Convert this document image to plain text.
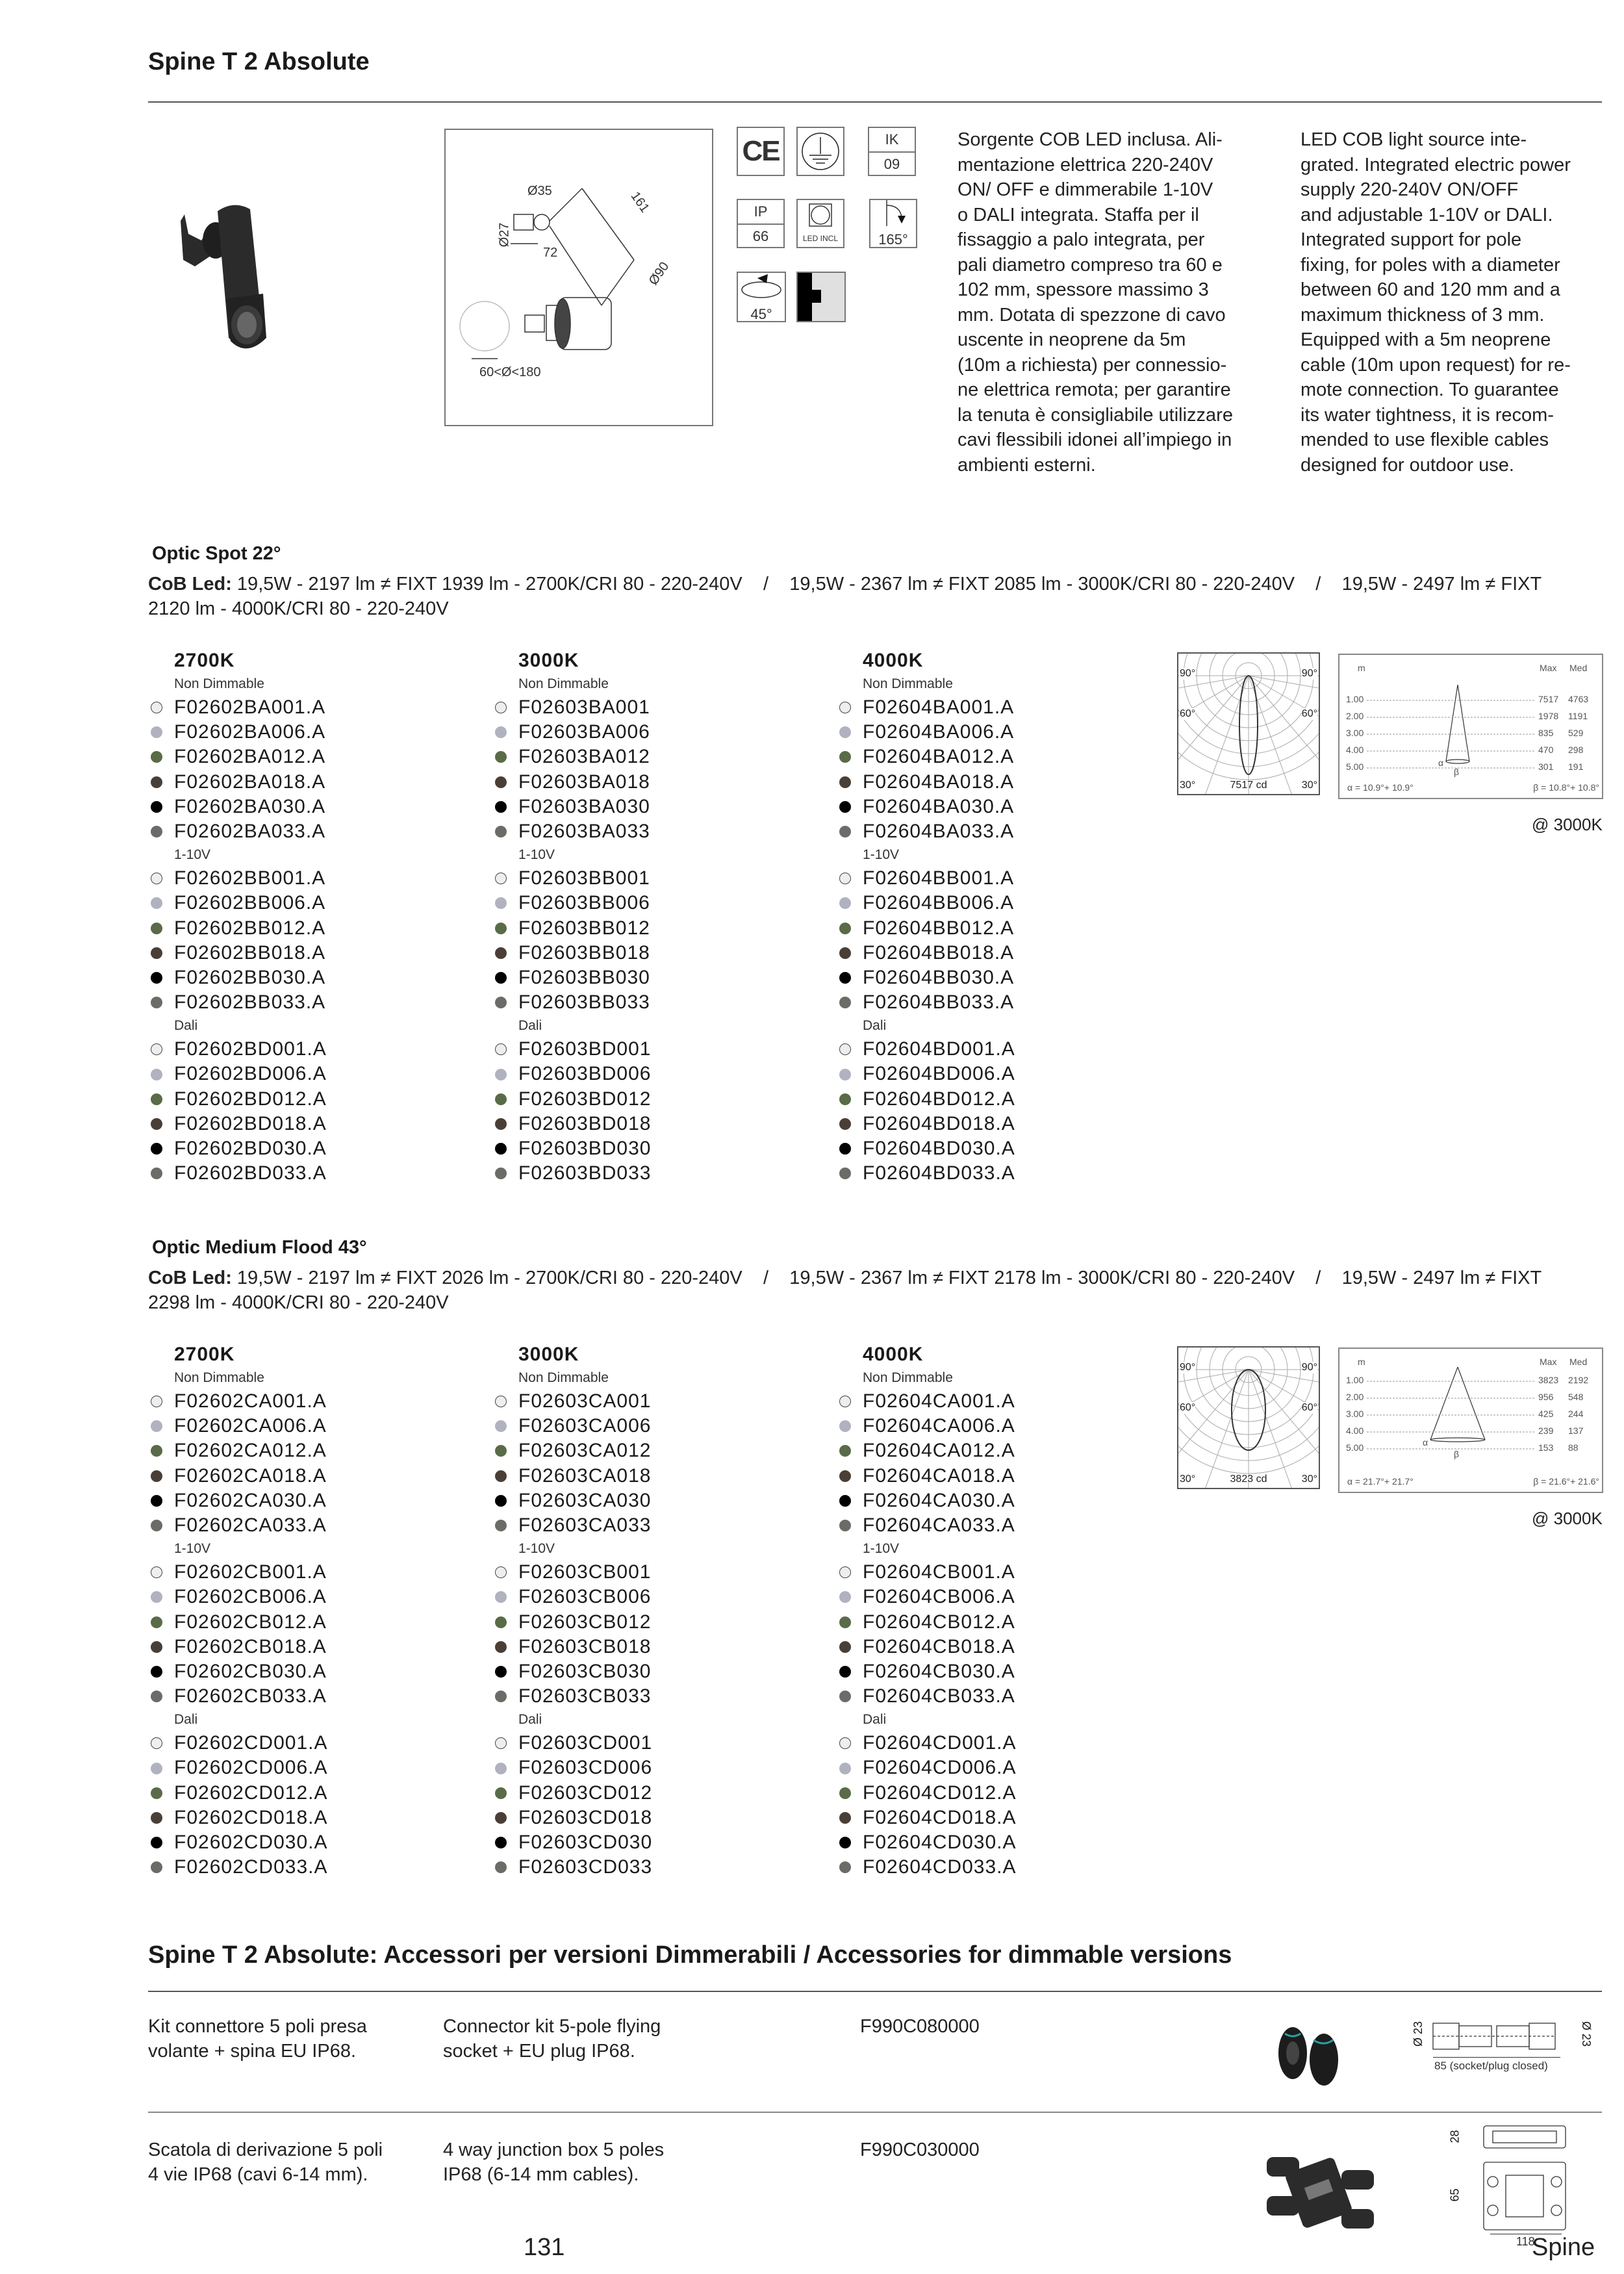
Spine T 2 Absolute
Ø35
Ø27
72
161
Ø90
60<Ø<180
CE	IK
09
IP
66	LED INCL	165°
45°
Sorgente COB LED inclusa. Ali-
mentazione elettrica 220-240V
ON/ OFF e dimmerabile 1-10V
o DALI integrata. Staffa per il
fissaggio a palo integrata, per
pali diametro compreso tra 60 e
102 mm, spessore massimo 3
mm. Dotata di spezzone di cavo
uscente in neoprene da 5m
(10m a richiesta) per connessio-
ne elettrica remota; per garantire
la tenuta è consigliabile utilizzare
cavi flessibili idonei all’impiego in
ambienti esterni.
LED COB light source inte-
grated. Integrated electric power
supply 220-240V ON/OFF
and adjustable 1-10V or DALI.
Integrated support for pole
fixing, for poles with a diameter
between 60 and 120 mm and a
maximum thickness of 3 mm.
Equipped with a 5m neoprene
cable (10m upon request) for re-
mote connection. To guarantee
its water tightness, it is recom-
mended to use flexible cables
designed for outdoor use.
Optic Spot 22°
CoB Led: 19,5W - 2197 lm ≠ FIXT 1939 lm - 2700K/CRI 80 - 220-240V    /    19,5W - 2367 lm ≠ FIXT 2085 lm - 3000K/CRI 80 - 220-240V    /    19,5W - 2497 lm ≠ FIXT
2120 lm - 4000K/CRI 80 - 220-240V
2700K
Non Dimmable
F02602BA001.A
F02602BA006.A
F02602BA012.A
F02602BA018.A
F02602BA030.A
F02602BA033.A
1-10V
F02602BB001.A
F02602BB006.A
F02602BB012.A
F02602BB018.A
F02602BB030.A
F02602BB033.A
Dali
F02602BD001.A
F02602BD006.A
F02602BD012.A
F02602BD018.A
F02602BD030.A
F02602BD033.A
3000K
Non Dimmable
F02603BA001
F02603BA006
F02603BA012
F02603BA018
F02603BA030
F02603BA033
1-10V
F02603BB001
F02603BB006
F02603BB012
F02603BB018
F02603BB030
F02603BB033
Dali
F02603BD001
F02603BD006
F02603BD012
F02603BD018
F02603BD030
F02603BD033
4000K
Non Dimmable
F02604BA001.A
F02604BA006.A
F02604BA012.A
F02604BA018.A
F02604BA030.A
F02604BA033.A
1-10V
F02604BB001.A
F02604BB006.A
F02604BB012.A
F02604BB018.A
F02604BB030.A
F02604BB033.A
Dali
F02604BD001.A
F02604BD006.A
F02604BD012.A
F02604BD018.A
F02604BD030.A
F02604BD033.A
90°	90°
60°	60°
30°	30°
7517 cd
m	Max Med
1.00	7517 4763
2.00	1978 1191
3.00	835 529
4.00	470 298
5.00	301 191
α
β
α = 10.9°+ 10.9°	β = 10.8°+ 10.8°
@ 3000K
Optic Medium Flood 43°
CoB Led: 19,5W - 2197 lm ≠ FIXT 2026 lm - 2700K/CRI 80 - 220-240V    /    19,5W - 2367 lm ≠ FIXT 2178 lm - 3000K/CRI 80 - 220-240V    /    19,5W - 2497 lm ≠ FIXT
2298 lm - 4000K/CRI 80 - 220-240V
2700K
Non Dimmable
F02602CA001.A
F02602CA006.A
F02602CA012.A
F02602CA018.A
F02602CA030.A
F02602CA033.A
1-10V
F02602CB001.A
F02602CB006.A
F02602CB012.A
F02602CB018.A
F02602CB030.A
F02602CB033.A
Dali
F02602CD001.A
F02602CD006.A
F02602CD012.A
F02602CD018.A
F02602CD030.A
F02602CD033.A
3000K
Non Dimmable
F02603CA001
F02603CA006
F02603CA012
F02603CA018
F02603CA030
F02603CA033
1-10V
F02603CB001
F02603CB006
F02603CB012
F02603CB018
F02603CB030
F02603CB033
Dali
F02603CD001
F02603CD006
F02603CD012
F02603CD018
F02603CD030
F02603CD033
4000K
Non Dimmable
F02604CA001.A
F02604CA006.A
F02604CA012.A
F02604CA018.A
F02604CA030.A
F02604CA033.A
1-10V
F02604CB001.A
F02604CB006.A
F02604CB012.A
F02604CB018.A
F02604CB030.A
F02604CB033.A
Dali
F02604CD001.A
F02604CD006.A
F02604CD012.A
F02604CD018.A
F02604CD030.A
F02604CD033.A
90°	90°
60°	60°
30°	30°
3823 cd
m	Max Med
1.00	3823 2192
2.00	956 548
3.00	425 244
4.00	239 137
5.00	153 88
α
β
α = 21.7°+ 21.7°	β = 21.6°+ 21.6°
@ 3000K
Spine T 2 Absolute: Accessori per versioni Dimmerabili / Accessories for dimmable versions
Kit connettore 5 poli presa
volante + spina EU IP68.
Connector kit 5-pole flying
socket + EU plug IP68.
F990C080000	Ø 23	Ø 23
85 (socket/plug closed)
Scatola di derivazione 5 poli
4 vie IP68 (cavi 6-14 mm).
4 way junction box 5 poles
IP68 (6-14 mm cables).
F990C030000
28
65
118
131	Spine
